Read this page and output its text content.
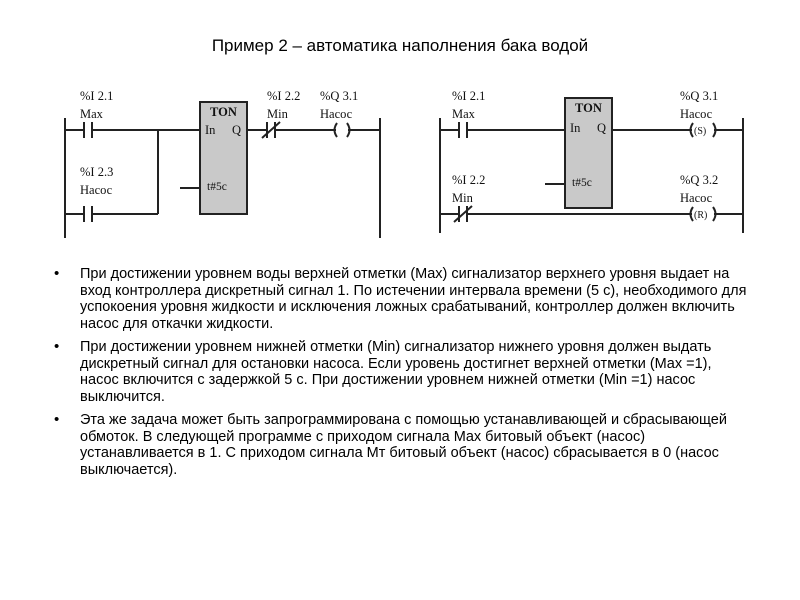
Пример 2 – автоматика наполнения бака водой
%I 2.1
Max	TON
In Q
t#5c
%I 2.2
Min
%Q 3.1
Насос
%I 2.3
Насос
%I 2.1
Max	TON
In Q
t#5c
%Q 3.1
Насос
(S)
%I 2.2
Min
%Q 3.2
Насос
(R)
( )
• При достижении уровнем воды верхней отметки (Max) сигнализатор верхнего уровня выдает на вход контроллера дискретный сигнал 1. По истечении интервала времени (5 с), необходимого для успокоения уровня жидкости и исключения ложных срабатываний, контроллер должен включить насос для откачки жидкости.
• При достижении уровнем нижней отметки (Min) сигнализатор нижнего уровня должен выдать дискретный сигнал для остановки насоса. Если уровень достигнет верхней отметки (Max =1), насос включится с задержкой 5 с. При достижении уровнем нижней отметки (Min =1) насос выключится.
• Эта же задача может быть запрограммирована с помощью устанавливающей и сбрасывающей обмоток. В следующей программе с приходом сигнала Max битовый объект (насос) устанавливается в 1. С приходом сигнала Мт битовый объект (насос) сбрасывается в 0 (насос выключается).
